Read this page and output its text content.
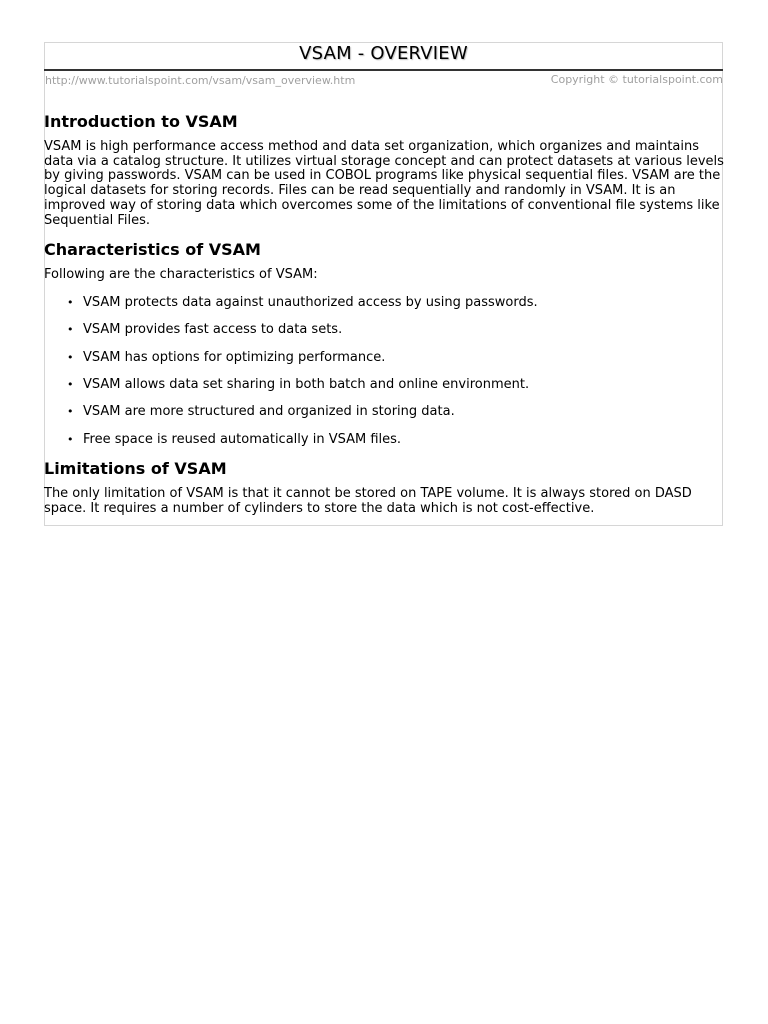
VSAM - OVERVIEW
http://www.tutorialspoint.com/vsam/vsam_overview.htm	Copyright © tutorialspoint.com
Introduction to VSAM

VSAM is high performance access method and data set organization, which organizes and maintains data via a catalog structure. It utilizes virtual storage concept and can protect datasets at various levels by giving passwords. VSAM can be used in COBOL programs like physical sequential files. VSAM are the logical datasets for storing records. Files can be read sequentially and randomly in VSAM. It is an improved way of storing data which overcomes some of the limitations of conventional file systems like Sequential Files.

Characteristics of VSAM

Following are the characteristics of VSAM:

• VSAM protects data against unauthorized access by using passwords.
• VSAM provides fast access to data sets.
• VSAM has options for optimizing performance.
• VSAM allows data set sharing in both batch and online environment.
• VSAM are more structured and organized in storing data.
• Free space is reused automatically in VSAM files.
Limitations of VSAM

The only limitation of VSAM is that it cannot be stored on TAPE volume. It is always stored on DASD space. It requires a number of cylinders to store the data which is not cost-effective.
